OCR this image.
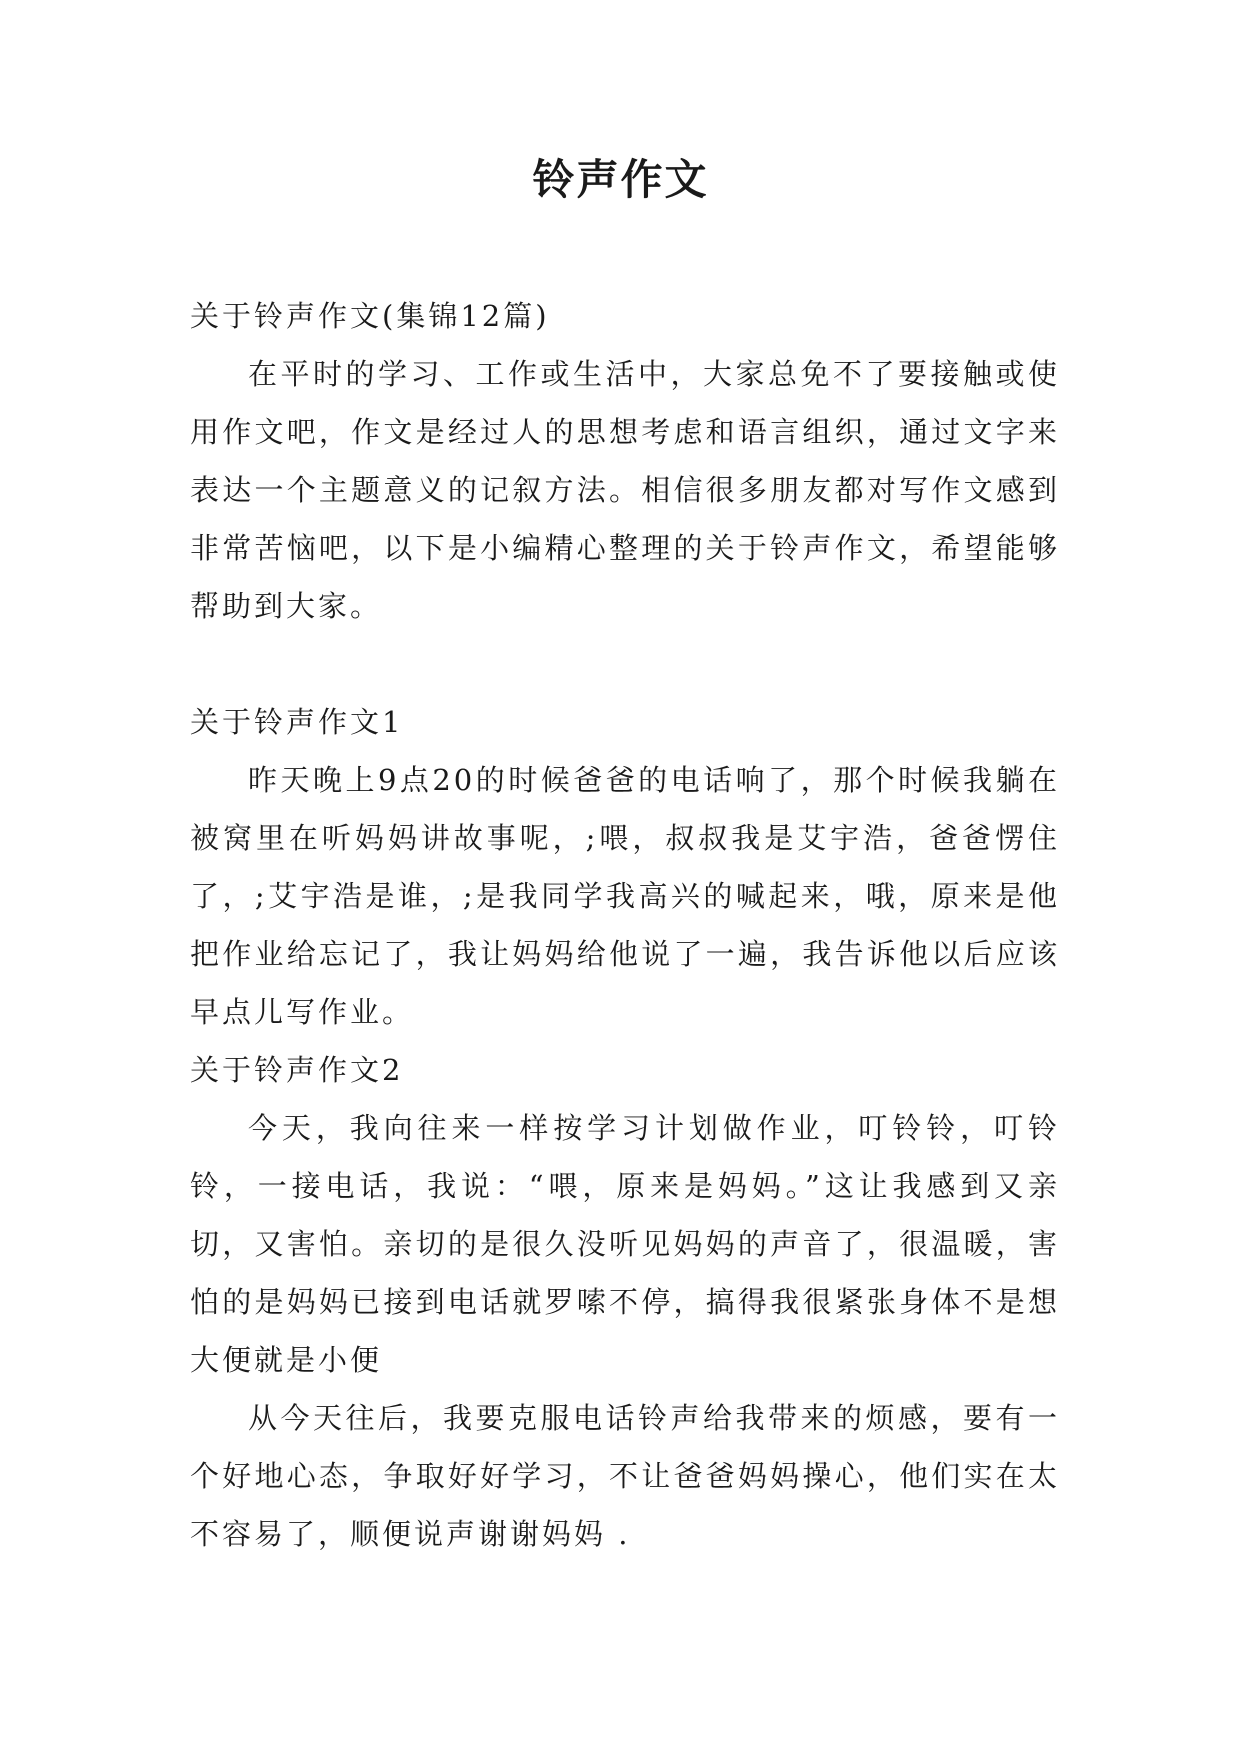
铃声作文

关于铃声作文(集锦12篇)

在平时的学习、工作或生活中，大家总免不了要接触或使用作文吧，作文是经过人的思想考虑和语言组织，通过文字来表达一个主题意义的记叙方法。相信很多朋友都对写作文感到非常苦恼吧，以下是小编精心整理的关于铃声作文，希望能够帮助到大家。

关于铃声作文1

昨天晚上9点20的时候爸爸的电话响了，那个时候我躺在被窝里在听妈妈讲故事呢，;喂，叔叔我是艾宇浩，爸爸愣住了，;艾宇浩是谁，;是我同学我高兴的喊起来，哦，原来是他把作业给忘记了，我让妈妈给他说了一遍，我告诉他以后应该早点儿写作业。

关于铃声作文2

今天，我向往来一样按学习计划做作业，叮铃铃，叮铃铃，一接电话，我说：“喂，原来是妈妈。”这让我感到又亲切，又害怕。亲切的是很久没听见妈妈的声音了，很温暖，害怕的是妈妈已接到电话就罗嗦不停，搞得我很紧张身体不是想大便就是小便

从今天往后，我要克服电话铃声给我带来的烦感，要有一个好地心态，争取好好学习，不让爸爸妈妈操心，他们实在太不容易了，顺便说声谢谢妈妈 .
